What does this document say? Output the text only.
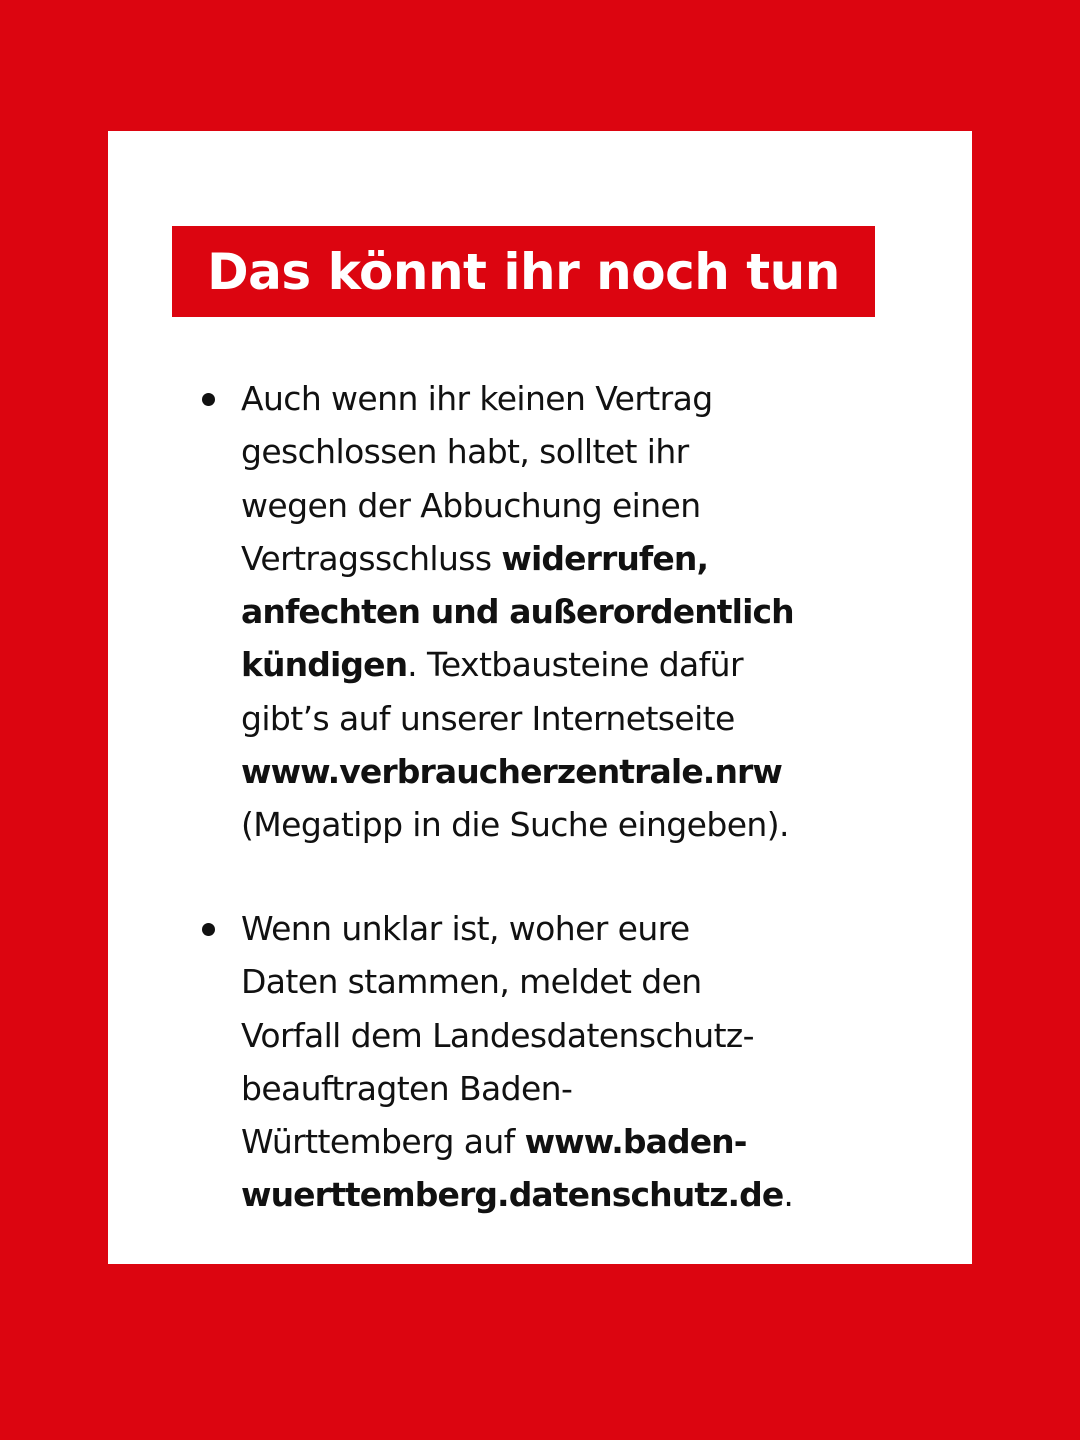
Das könnt ihr noch tun
Auch wenn ihr keinen Vertrag
geschlossen habt, solltet ihr
wegen der Abbuchung einen
Vertragsschluss widerrufen,
anfechten und außerordentlich
kündigen. Textbausteine dafür
gibt’s auf unserer Internetseite
www.verbraucherzentrale.nrw
(Megatipp in die Suche eingeben).
Wenn unklar ist, woher eure
Daten stammen, meldet den
Vorfall dem Landesdatenschutz-
beauftragten Baden-
Württemberg auf www.baden-
wuerttemberg.datenschutz.de.
